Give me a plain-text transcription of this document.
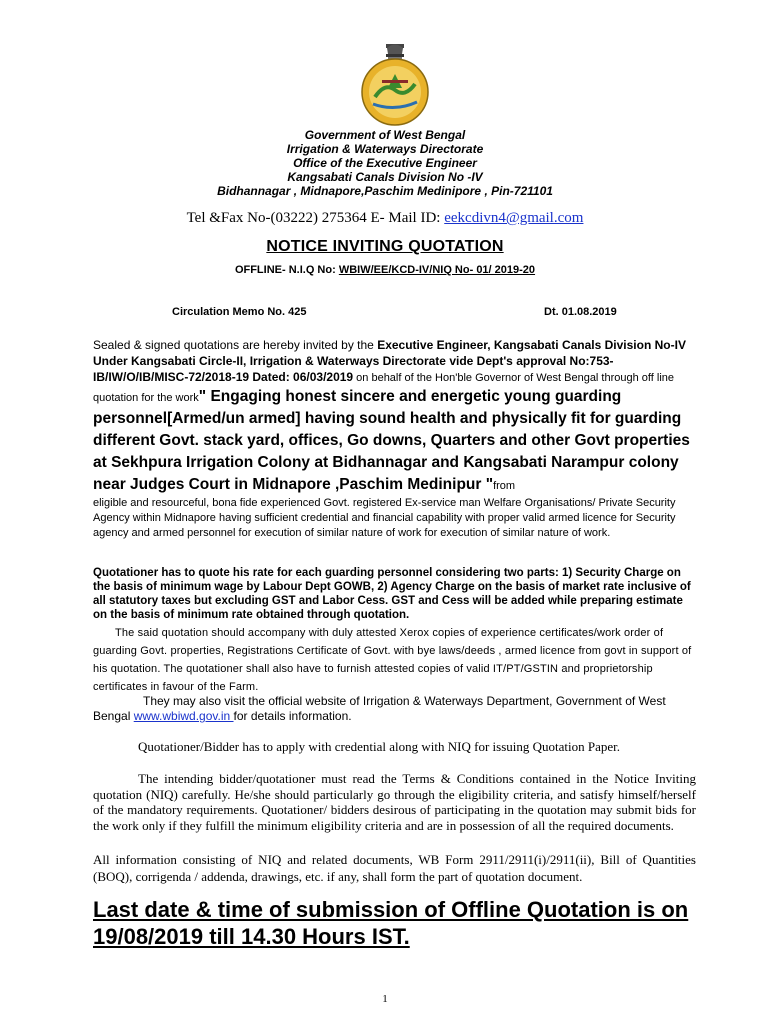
Government of West Bengal
Irrigation & Waterways Directorate
Office of the Executive Engineer
Kangsabati Canals Division No -IV
Bidhannagar , Midnapore,Paschim Medinipore , Pin-721101
Tel &Fax No-(03222) 275364 E- Mail ID: eekcdivn4@gmail.com
NOTICE INVITING QUOTATION
OFFLINE- N.I.Q No: WBIW/EE/KCD-IV/NIQ No- 01/ 2019-20
Circulation Memo No. 425	Dt. 01.08.2019
Sealed & signed quotations are hereby invited by the Executive Engineer, Kangsabati Canals Division No-IV Under Kangsabati Circle-II, Irrigation & Waterways Directorate vide Dept's approval No:753-IB/IW/O/IB/MISC-72/2018-19 Dated: 06/03/2019 on behalf of the Hon'ble Governor of West Bengal through off line quotation for the work" Engaging honest sincere and energetic young guarding personnel[Armed/un armed] having sound health and physically fit for guarding different Govt. stack yard, offices, Go downs, Quarters and other Govt properties at Sekhpura Irrigation Colony at Bidhannagar and Kangsabati Narampur colony near Judges Court in Midnapore ,Paschim Medinipur "from
eligible and resourceful, bona fide experienced Govt. registered Ex-service man Welfare Organisations/ Private Security Agency within Midnapore having sufficient credential and financial capability with proper valid armed licence for Security agency and armed personnel for execution of similar nature of work for execution of similar nature of work.
Quotationer has to quote his rate for each guarding personnel considering two parts: 1) Security Charge on the basis of minimum wage by Labour Dept GOWB, 2) Agency Charge on the basis of market rate inclusive of all statutory taxes but excluding GST and Labor Cess. GST and Cess will be added while preparing estimate on the basis of minimum rate obtained through quotation.
The said quotation should accompany with duly attested Xerox copies of experience certificates/work order of guarding Govt. properties, Registrations Certificate of Govt. with bye laws/deeds , armed licence from govt in support of his quotation. The quotationer shall also have to furnish attested copies of valid IT/PT/GSTIN and proprietorship certificates in favour of the Farm.
They may also visit the official website of Irrigation & Waterways Department, Government of West Bengal www.wbiwd.gov.in for details information.
Quotationer/Bidder has to apply with credential along with NIQ for issuing Quotation Paper.
The intending bidder/quotationer must read the Terms & Conditions contained in the Notice Inviting quotation (NIQ) carefully. He/she should particularly go through the eligibility criteria, and satisfy himself/herself of the mandatory requirements. Quotationer/ bidders desirous of participating in the quotation may submit bids for the work only if they fulfill the minimum eligibility criteria and are in possession of all the required documents.
All information consisting of NIQ and related documents, WB Form 2911/2911(i)/2911(ii), Bill of Quantities (BOQ), corrigenda / addenda, drawings, etc. if any, shall form the part of quotation document.
Last date & time of submission of Offline Quotation is on 19/08/2019 till 14.30 Hours IST.
1
